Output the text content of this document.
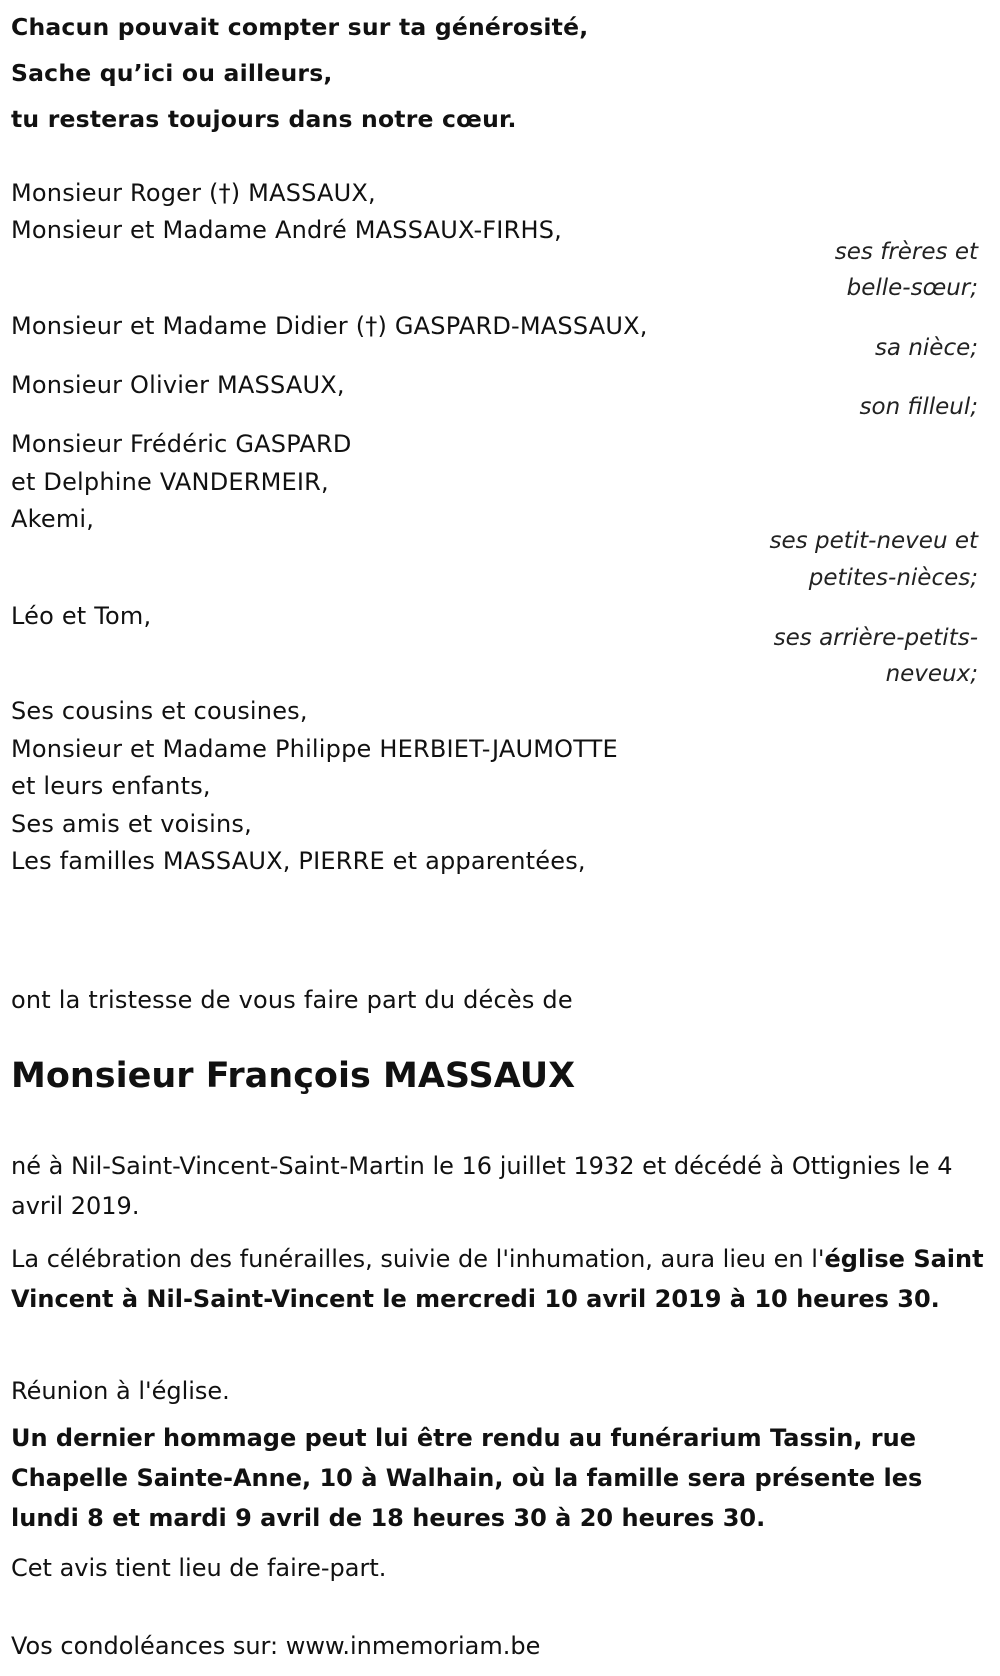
Chacun pouvait compter sur ta générosité,
Sache qu’ici ou ailleurs,
tu resteras toujours dans notre cœur.
Monsieur Roger (†) MASSAUX,
Monsieur et Madame André MASSAUX-FIRHS,
ses frères et
belle-sœur;
Monsieur et Madame Didier (†) GASPARD-MASSAUX,
sa nièce;
Monsieur Olivier MASSAUX,
son filleul;
Monsieur Frédéric GASPARD
et Delphine VANDERMEIR,
Akemi,
ses petit-neveu et
petites-nièces;
Léo et Tom,
ses arrière-petits-
neveux;
Ses cousins et cousines,
Monsieur et Madame Philippe HERBIET-JAUMOTTE
et leurs enfants,
Ses amis et voisins,
Les familles MASSAUX, PIERRE et apparentées,
ont la tristesse de vous faire part du décès de
Monsieur François MASSAUX
né à Nil-Saint-Vincent-Saint-Martin le 16 juillet 1932 et décédé à Ottignies le 4 avril 2019.
La célébration des funérailles, suivie de l'inhumation, aura lieu en l'église Saint Vincent à Nil-Saint-Vincent le mercredi 10 avril 2019 à 10 heures 30.
Réunion à l'église.
Un dernier hommage peut lui être rendu au funérarium Tassin, rue Chapelle Sainte-Anne, 10 à Walhain, où la famille sera présente les lundi 8 et mardi 9 avril de 18 heures 30 à 20 heures 30.
Cet avis tient lieu de faire-part.
Vos condoléances sur: www.inmemoriam.be
